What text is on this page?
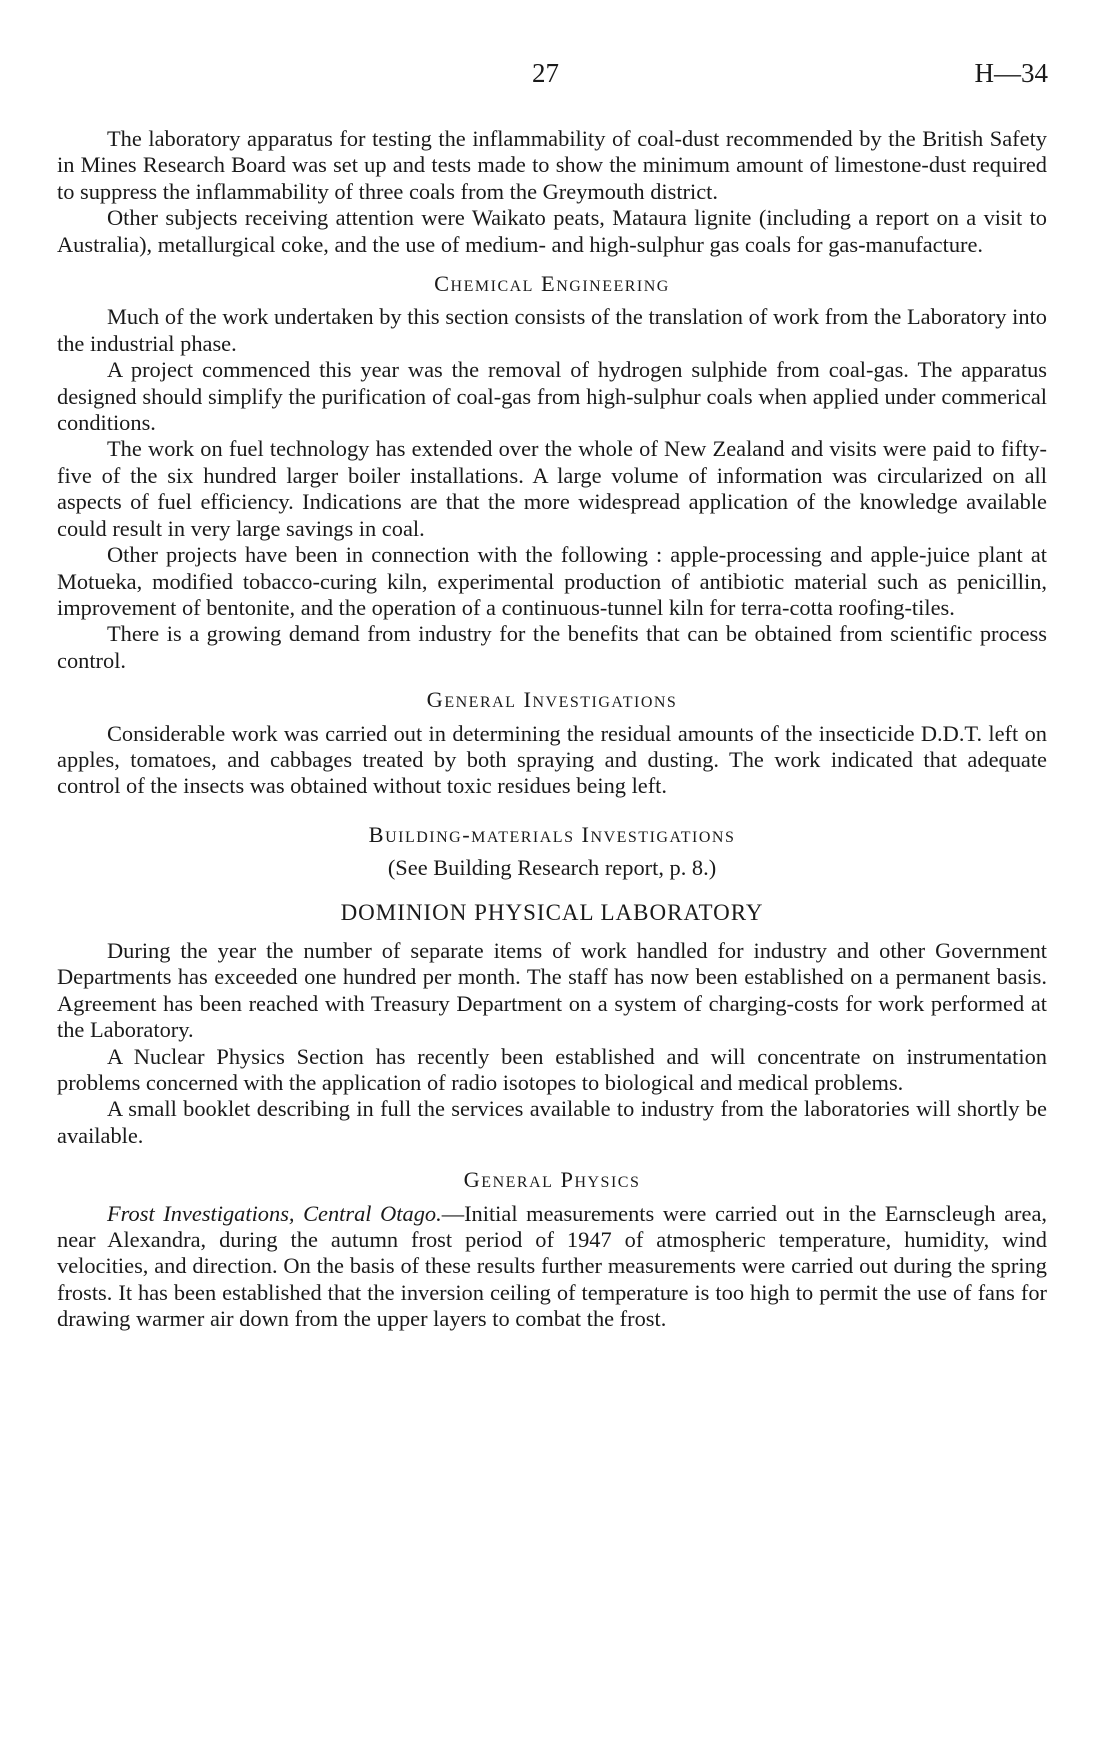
27	H—34

The laboratory apparatus for testing the inflammability of coal-dust recommended by the British Safety in Mines Research Board was set up and tests made to show the minimum amount of limestone-dust required to suppress the inflammability of three coals from the Greymouth district.

Other subjects receiving attention were Waikato peats, Mataura lignite (including a report on a visit to Australia), metallurgical coke, and the use of medium- and high-sulphur gas coals for gas-manufacture.

Chemical Engineering

Much of the work undertaken by this section consists of the translation of work from the Laboratory into the industrial phase.

A project commenced this year was the removal of hydrogen sulphide from coal-gas. The apparatus designed should simplify the purification of coal-gas from high-sulphur coals when applied under commerical conditions.

The work on fuel technology has extended over the whole of New Zealand and visits were paid to fifty-five of the six hundred larger boiler installations. A large volume of information was circularized on all aspects of fuel efficiency. Indications are that the more widespread application of the knowledge available could result in very large savings in coal.

Other projects have been in connection with the following : apple-processing and apple-juice plant at Motueka, modified tobacco-curing kiln, experimental production of antibiotic material such as penicillin, improvement of bentonite, and the operation of a continuous-tunnel kiln for terra-cotta roofing-tiles.

There is a growing demand from industry for the benefits that can be obtained from scientific process control.

General Investigations

Considerable work was carried out in determining the residual amounts of the insecticide D.D.T. left on apples, tomatoes, and cabbages treated by both spraying and dusting. The work indicated that adequate control of the insects was obtained without toxic residues being left.

Building-materials Investigations
(See Building Research report, p. 8.)
DOMINION PHYSICAL LABORATORY

During the year the number of separate items of work handled for industry and other Government Departments has exceeded one hundred per month. The staff has now been established on a permanent basis. Agreement has been reached with Treasury Department on a system of charging-costs for work performed at the Laboratory.

A Nuclear Physics Section has recently been established and will concentrate on instrumentation problems concerned with the application of radio isotopes to biological and medical problems.

A small booklet describing in full the services available to industry from the laboratories will shortly be available.

General Physics

Frost Investigations, Central Otago.—Initial measurements were carried out in the Earnscleugh area, near Alexandra, during the autumn frost period of 1947 of atmospheric temperature, humidity, wind velocities, and direction. On the basis of these results further measurements were carried out during the spring frosts. It has been established that the inversion ceiling of temperature is too high to permit the use of fans for drawing warmer air down from the upper layers to combat the frost.
